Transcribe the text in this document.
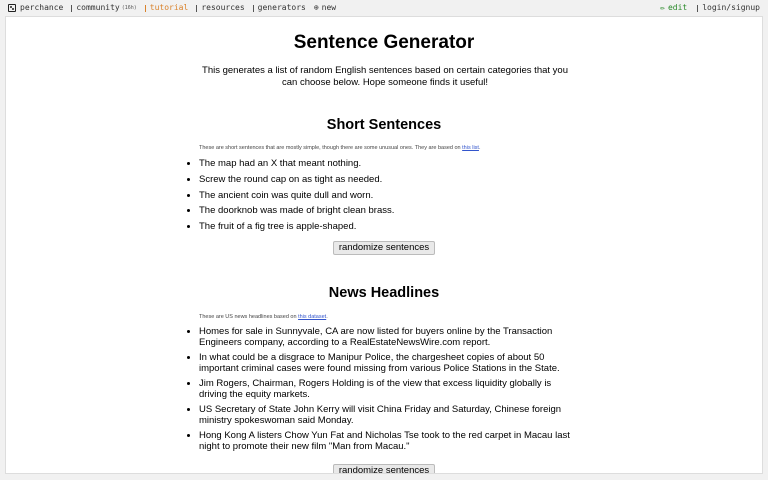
perchance community (16h) tutorial resources generators ⊕ new	✏ edit login/signup
Sentence Generator
This generates a list of random English sentences based on certain categories that you can choose below. Hope someone finds it useful!
Short Sentences
These are short sentences that are mostly simple, though there are some unusual ones. They are based on this list.
• The map had an X that meant nothing.
• Screw the round cap on as tight as needed.
• The ancient coin was quite dull and worn.
• The doorknob was made of bright clean brass.
• The fruit of a fig tree is apple-shaped.
randomize sentences
News Headlines
These are US news headlines based on this dataset.
• Homes for sale in Sunnyvale, CA are now listed for buyers online by the Transaction Engineers company, according to a RealEstateNewsWire.com report.
• In what could be a disgrace to Manipur Police, the chargesheet copies of about 50 important criminal cases were found missing from various Police Stations in the State.
• Jim Rogers, Chairman, Rogers Holding is of the view that excess liquidity globally is driving the equity markets.
• US Secretary of State John Kerry will visit China Friday and Saturday, Chinese foreign ministry spokeswoman said Monday.
• Hong Kong A listers Chow Yun Fat and Nicholas Tse took to the red carpet in Macau last night to promote their new film "Man from Macau."
randomize sentences
